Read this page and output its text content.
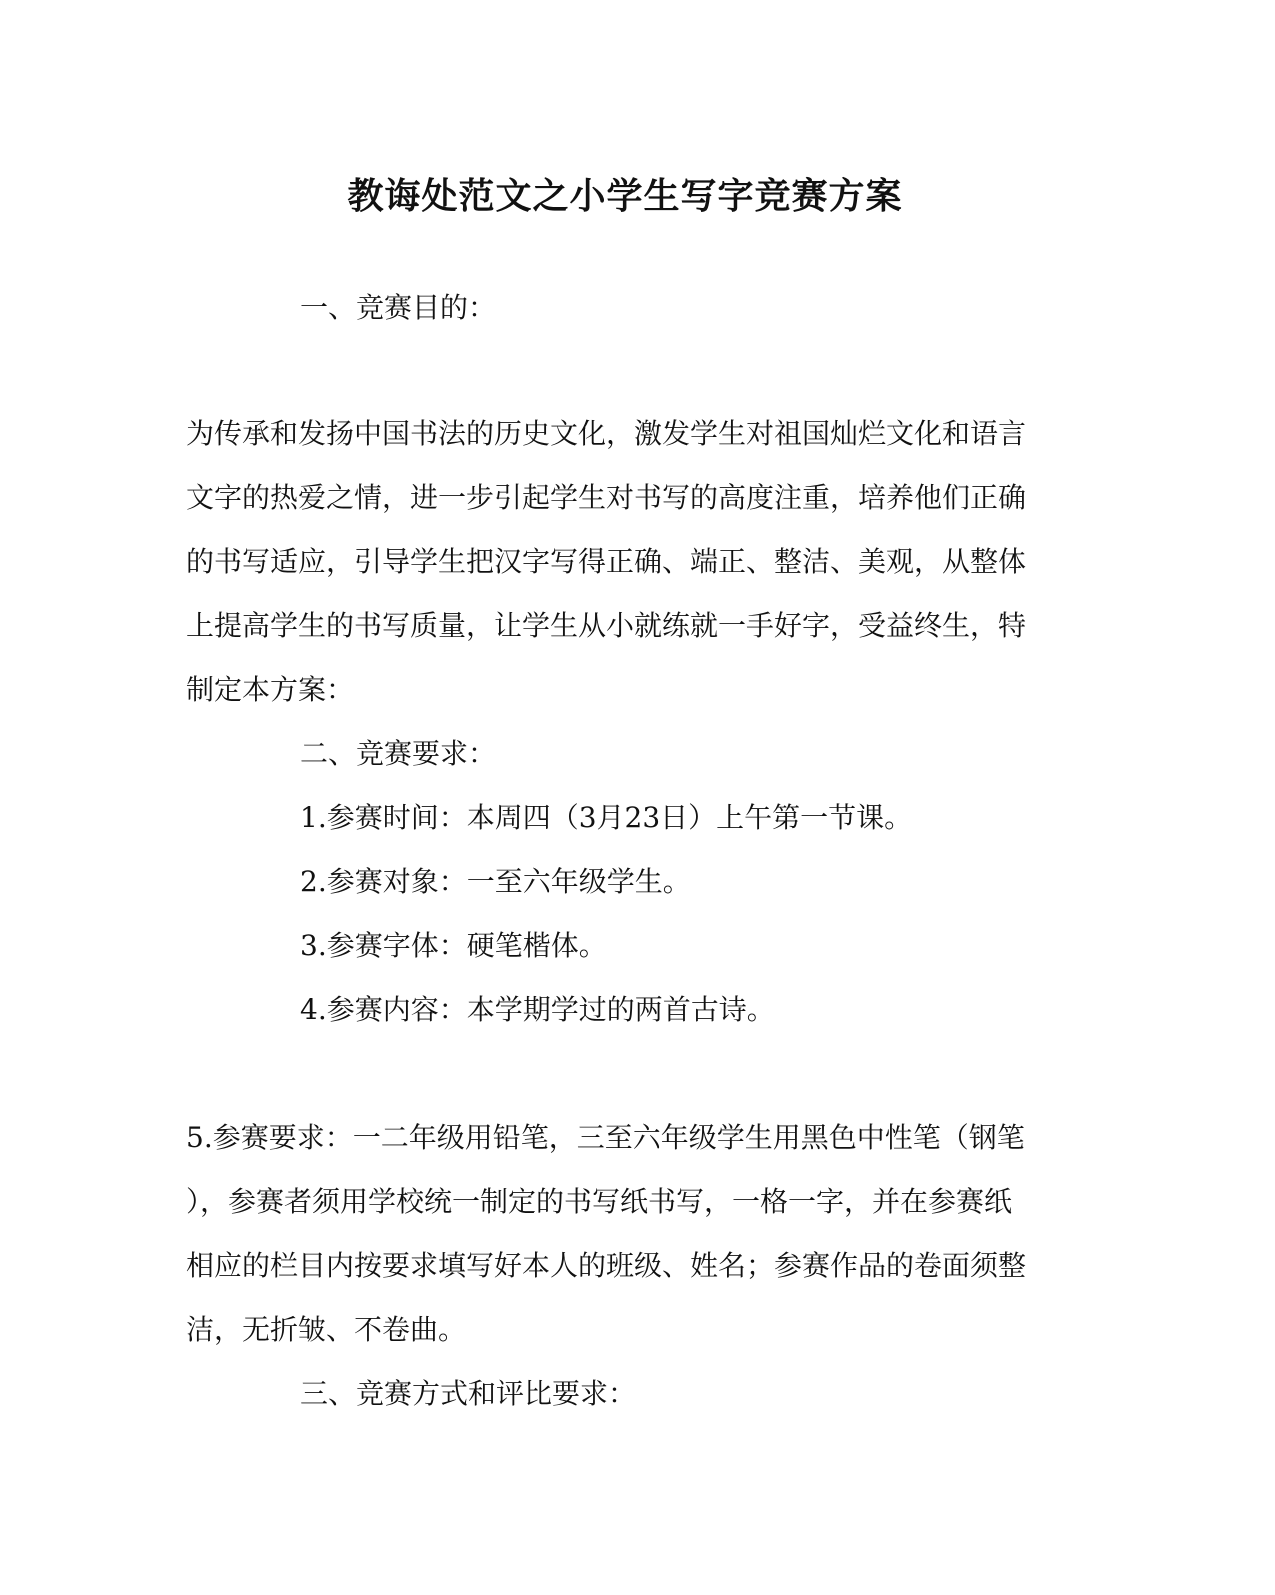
教诲处范文之小学生写字竞赛方案
一、竞赛目的：
为传承和发扬中国书法的历史文化，激发学生对祖国灿烂文化和语言
文字的热爱之情，进一步引起学生对书写的高度注重，培养他们正确
的书写适应，引导学生把汉字写得正确、端正、整洁、美观，从整体
上提高学生的书写质量，让学生从小就练就一手好字，受益终生，特
制定本方案：
二、竞赛要求：
1.参赛时间：本周四（3月23日）上午第一节课。
2.参赛对象：一至六年级学生。
3.参赛字体：硬笔楷体。
4.参赛内容：本学期学过的两首古诗。
5.参赛要求：一二年级用铅笔，三至六年级学生用黑色中性笔（钢笔
），参赛者须用学校统一制定的书写纸书写，一格一字，并在参赛纸
相应的栏目内按要求填写好本人的班级、姓名；参赛作品的卷面须整
洁，无折皱、不卷曲。
三、竞赛方式和评比要求：
